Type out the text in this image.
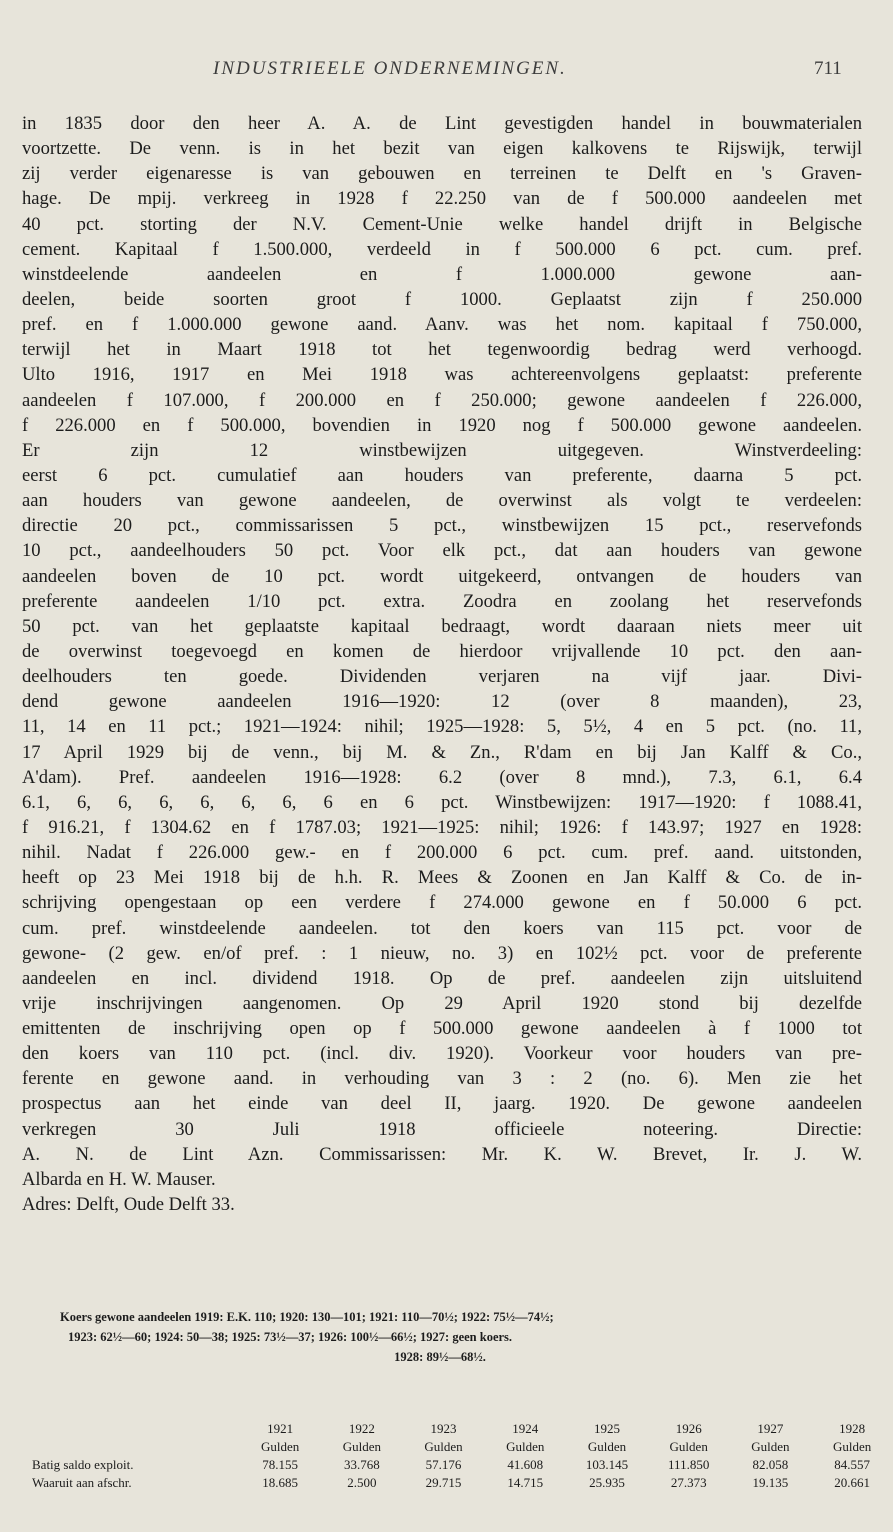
INDUSTRIEELE ONDERNEMINGEN.	711
in 1835 door den heer A. A. de Lint gevestigden handel in bouwmaterialen
voortzette. De venn. is in het bezit van eigen kalkovens te Rijswijk, terwijl
zij verder eigenaresse is van gebouwen en terreinen te Delft en 's Graven-
hage. De mpij. verkreeg in 1928 f 22.250 van de f 500.000 aandeelen met
40 pct. storting der N.V. Cement-Unie welke handel drijft in Belgische
cement. Kapitaal f 1.500.000, verdeeld in f 500.000 6 pct. cum. pref.
winstdeelende aandeelen en f 1.000.000 gewone aan-
deelen, beide soorten groot f 1000. Geplaatst zijn f 250.000
pref. en f 1.000.000 gewone aand. Aanv. was het nom. kapitaal f 750.000,
terwijl het in Maart 1918 tot het tegenwoordig bedrag werd verhoogd.
Ulto 1916, 1917 en Mei 1918 was achtereenvolgens geplaatst: preferente
aandeelen f 107.000, f 200.000 en f 250.000; gewone aandeelen f 226.000,
f 226.000 en f 500.000, bovendien in 1920 nog f 500.000 gewone aandeelen.
Er zijn 12 winstbewijzen uitgegeven. Winstverdeeling:
eerst 6 pct. cumulatief aan houders van preferente, daarna 5 pct.
aan houders van gewone aandeelen, de overwinst als volgt te verdeelen:
directie 20 pct., commissarissen 5 pct., winstbewijzen 15 pct., reservefonds
10 pct., aandeelhouders 50 pct. Voor elk pct., dat aan houders van gewone
aandeelen boven de 10 pct. wordt uitgekeerd, ontvangen de houders van
preferente aandeelen 1/10 pct. extra. Zoodra en zoolang het reservefonds
50 pct. van het geplaatste kapitaal bedraagt, wordt daaraan niets meer uit
de overwinst toegevoegd en komen de hierdoor vrijvallende 10 pct. den aan-
deelhouders ten goede. Dividenden verjaren na vijf jaar. Divi-
dend gewone aandeelen 1916—1920: 12 (over 8 maanden), 23,
11, 14 en 11 pct.; 1921—1924: nihil; 1925—1928: 5, 5½, 4 en 5 pct. (no. 11,
17 April 1929 bij de venn., bij M. & Zn., R'dam en bij Jan Kalff & Co.,
A'dam). Pref. aandeelen 1916—1928: 6.2 (over 8 mnd.), 7.3, 6.1, 6.4
6.1, 6, 6, 6, 6, 6, 6, 6 en 6 pct. Winstbewijzen: 1917—1920: f 1088.41,
f 916.21, f 1304.62 en f 1787.03; 1921—1925: nihil; 1926: f 143.97; 1927 en 1928:
nihil. Nadat f 226.000 gew.- en f 200.000 6 pct. cum. pref. aand. uitstonden,
heeft op 23 Mei 1918 bij de h.h. R. Mees & Zoonen en Jan Kalff & Co. de in-
schrijving opengestaan op een verdere f 274.000 gewone en f 50.000 6 pct.
cum. pref. winstdeelende aandeelen. tot den koers van 115 pct. voor de
gewone- (2 gew. en/of pref. : 1 nieuw, no. 3) en 102½ pct. voor de preferente
aandeelen en incl. dividend 1918. Op de pref. aandeelen zijn uitsluitend
vrije inschrijvingen aangenomen. Op 29 April 1920 stond bij dezelfde
emittenten de inschrijving open op f 500.000 gewone aandeelen à f 1000 tot
den koers van 110 pct. (incl. div. 1920). Voorkeur voor houders van pre-
ferente en gewone aand. in verhouding van 3 : 2 (no. 6). Men zie het
prospectus aan het einde van deel II, jaarg. 1920. De gewone aandeelen
verkregen 30 Juli 1918 officieele noteering. Directie:
A. N. de Lint Azn. Commissarissen: Mr. K. W. Brevet, Ir. J. W.
Albarda en H. W. Mauser.
Adres: Delft, Oude Delft 33.
Koers gewone aandeelen 1919: E.K. 110; 1920: 130—101; 1921: 110—70½; 1922: 75½—74½;
1923: 62½—60; 1924: 50—38; 1925: 73½—37; 1926: 100½—66½; 1927: geen koers.
1928: 89½—68½.
	1921	1922	1923	1924	1925	1926	1927	1928
	Gulden	Gulden	Gulden	Gulden	Gulden	Gulden	Gulden	Gulden
Batig saldo exploit.	78.155	33.768	57.176	41.608	103.145	111.850	82.058	84.557
Waaruit aan afschr.	18.685	2.500	29.715	14.715	25.935	27.373	19.135	20.661
